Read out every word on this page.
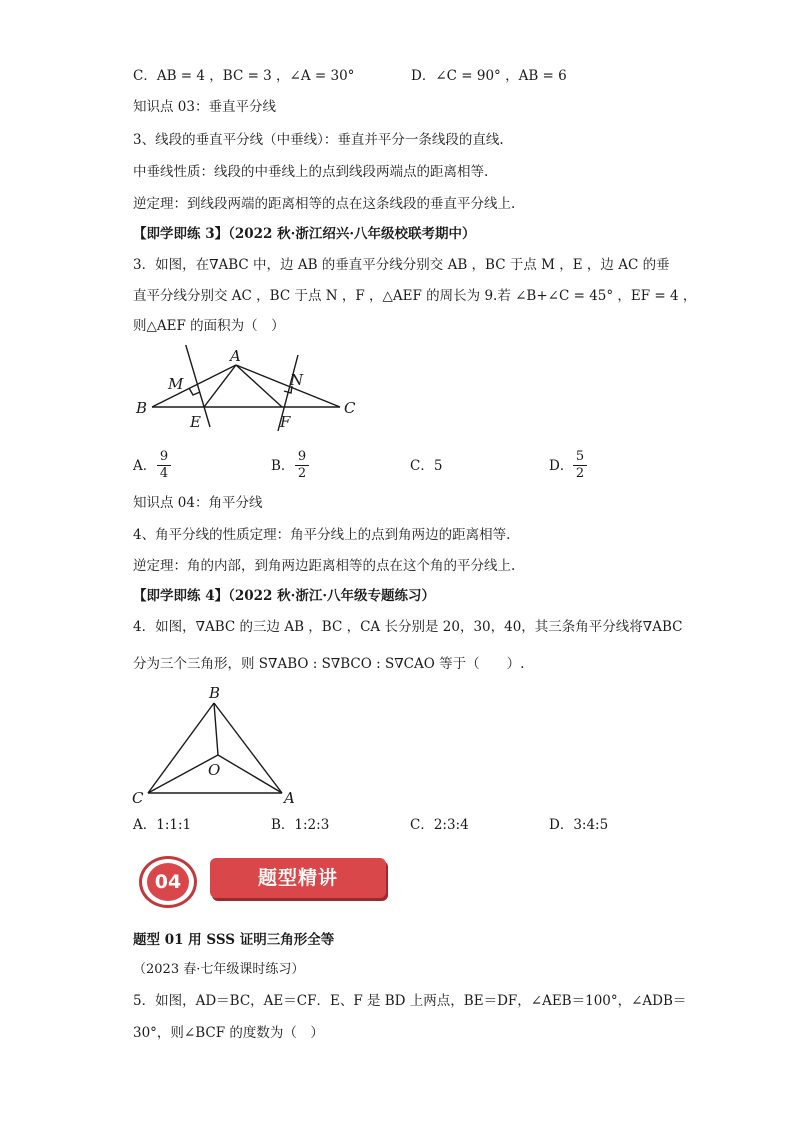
C．AB = 4 ，BC = 3 ，∠A = 30°	D．∠C = 90° ，AB = 6
知识点 03：垂直平分线
3、线段的垂直平分线（中垂线）：垂直并平分一条线段的直线.
中垂线性质：线段的中垂线上的点到线段两端点的距离相等.
逆定理：到线段两端的距离相等的点在这条线段的垂直平分线上.
【即学即练 3】（2022 秋·浙江绍兴·八年级校联考期中）
3．如图，在∇ABC 中，边 AB 的垂直平分线分别交 AB ，BC 于点 M ，E ，边 AC 的垂
直平分线分别交 AC ，BC 于点 N ，F ，△AEF 的周长为 9.若 ∠B+∠C = 45° ，EF = 4 ，
则△AEF 的面积为（　）
A
B	C
M	N
E	F
A． $\frac{9}{4}$	B． $\frac{9}{2}$	C．5	D． $\frac{5}{2}$
知识点 04：角平分线
4、角平分线的性质定理：角平分线上的点到角两边的距离相等.
逆定理：角的内部，到角两边距离相等的点在这个角的平分线上.
【即学即练 4】（2022 秋·浙江·八年级专题练习）
4．如图，∇ABC 的三边 AB ，BC ，CA 长分别是 20，30，40，其三条角平分线将∇ABC
分为三个三角形，则 S∇ABO : S∇BCO : S∇CAO 等于（　　）.
B
C	A
O
A．1:1:1	B．1:2:3	C．2:3:4	D．3:4:5
04	题型精讲
题型 01 用 SSS 证明三角形全等
（2023 春·七年级课时练习）
5．如图，AD＝BC，AE＝CF．E、F 是 BD 上两点，BE＝DF，∠AEB＝100°，∠ADB＝
30°，则∠BCF 的度数为（　）
